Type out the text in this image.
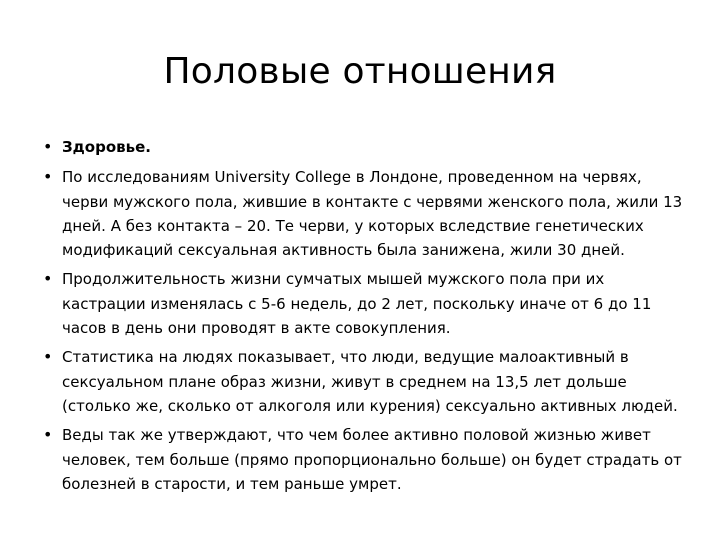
Половые отношения
• Здоровье.
• По исследованиям University College в Лондоне, проведенном на червях, черви мужского пола, жившие в контакте с червями женского пола, жили 13 дней. А без контакта – 20. Те черви, у которых вследствие генетических модификаций сексуальная активность была занижена, жили 30 дней.
• Продолжительность жизни сумчатых мышей мужского пола при их кастрации изменялась с 5-6 недель, до 2 лет, поскольку иначе от 6 до 11 часов в день они проводят в акте совокупления.
• Статистика на людях показывает, что люди, ведущие малоактивный в сексуальном плане образ жизни, живут в среднем на 13,5 лет дольше (столько же, сколько от алкоголя или курения) сексуально активных людей.
• Веды так же утверждают, что чем более активно половой жизнью живет человек, тем больше (прямо пропорционально больше) он будет страдать от болезней в старости, и тем раньше умрет.
